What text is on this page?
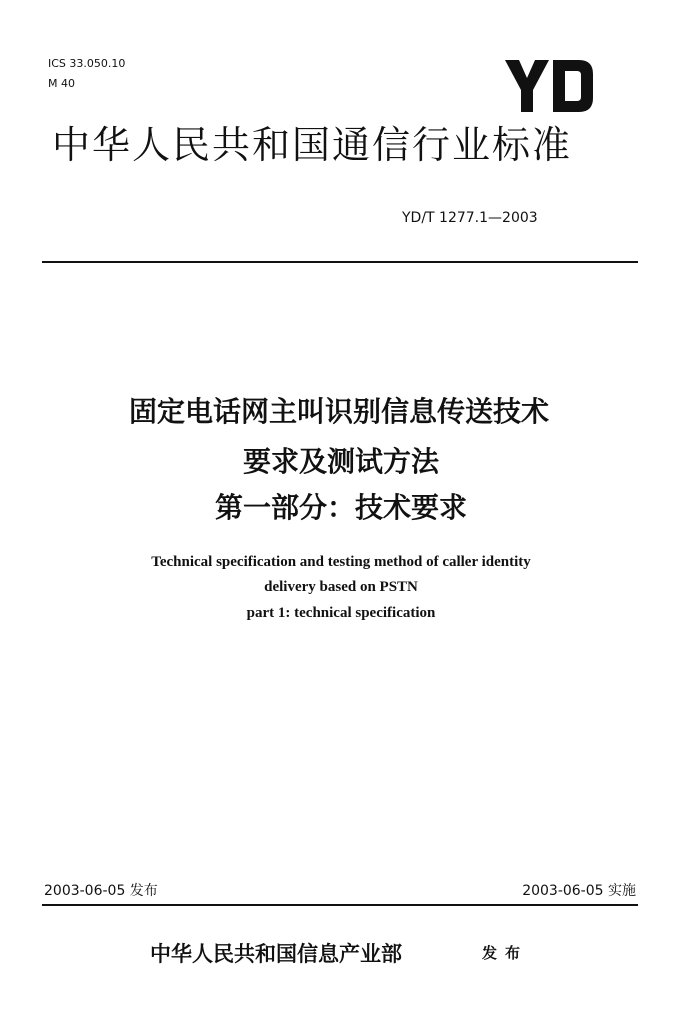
ICS 33.050.10
M 40
中华人民共和国通信行业标准
YD/T 1277.1—2003
固定电话网主叫识别信息传送技术
要求及测试方法
第一部分：技术要求
Technical specification and testing method of caller identity
delivery based on PSTN
part 1: technical specification
2003-06-05 发布	2003-06-05 实施
中华人民共和国信息产业部	发布
